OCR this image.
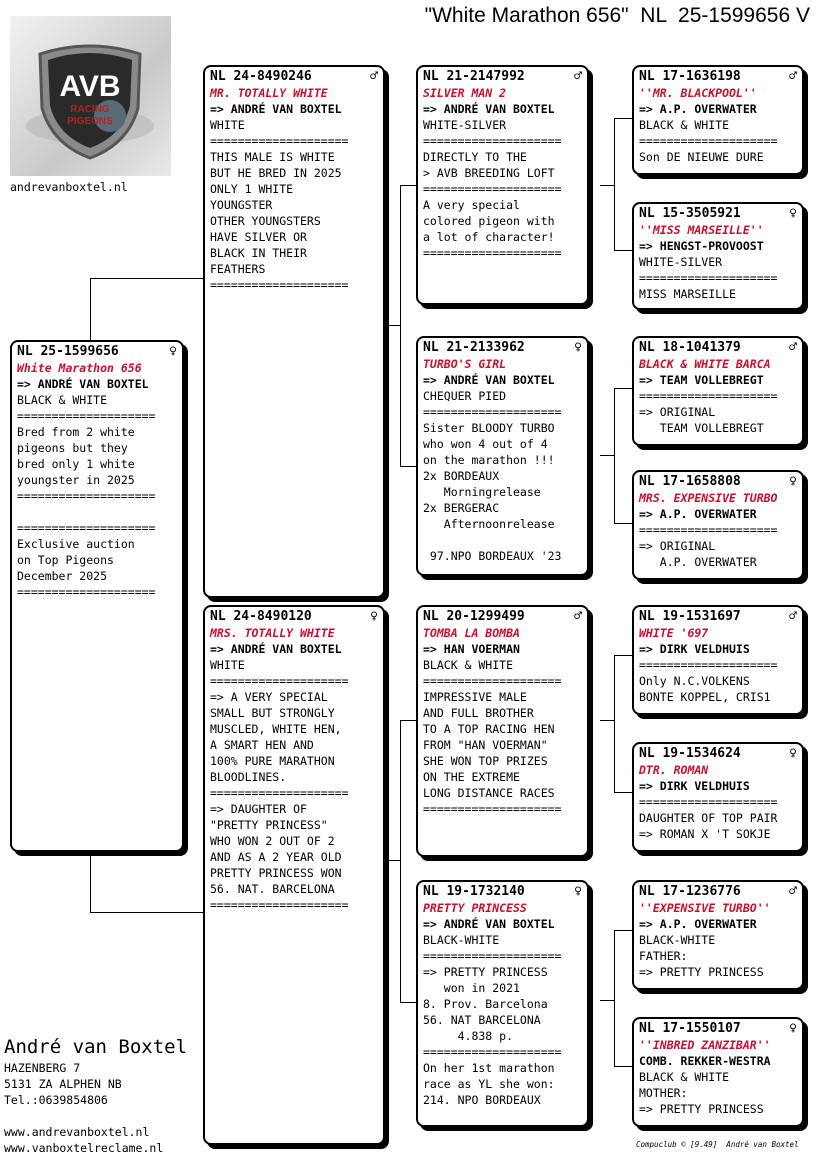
"White Marathon 656"  NL  25-1599656 V
AVB
RACING
PIGEONS
andrevanboxtel.nl
NL 25-1599656	♀
White Marathon 656
=> ANDRÉ VAN BOXTEL
BLACK & WHITE
====================
Bred from 2 white
pigeons but they
bred only 1 white
youngster in 2025
====================
====================
Exclusive auction
on Top Pigeons
December 2025
====================
NL 24-8490246	♂
MR. TOTALLY WHITE
=> ANDRÉ VAN BOXTEL
WHITE
====================
THIS MALE IS WHITE
BUT HE BRED IN 2025
ONLY 1 WHITE
YOUNGSTER
OTHER YOUNGSTERS
HAVE SILVER OR
BLACK IN THEIR
FEATHERS
====================
NL 24-8490120	♀
MRS. TOTALLY WHITE
=> ANDRÉ VAN BOXTEL
WHITE
====================
=> A VERY SPECIAL
SMALL BUT STRONGLY
MUSCLED, WHITE HEN,
A SMART HEN AND
100% PURE MARATHON
BLOODLINES.
====================
=> DAUGHTER OF
"PRETTY PRINCESS"
WHO WON 2 OUT OF 2
AND AS A 2 YEAR OLD
PRETTY PRINCESS WON
56. NAT. BARCELONA
====================
NL 21-2147992	♂
SILVER MAN 2
=> ANDRÉ VAN BOXTEL
WHITE-SILVER
====================
DIRECTLY TO THE
> AVB BREEDING LOFT
====================
A very special
colored pigeon with
a lot of character!
====================
NL 21-2133962	♀
TURBO'S GIRL
=> ANDRÉ VAN BOXTEL
CHEQUER PIED
====================
Sister BLOODY TURBO
who won 4 out of 4
on the marathon !!!
2x BORDEAUX
Morningrelease
2x BERGERAC
Afternoonrelease
97.NPO BORDEAUX '23
NL 20-1299499	♂
TOMBA LA BOMBA
=> HAN VOERMAN
BLACK & WHITE
====================
IMPRESSIVE MALE
AND FULL BROTHER
TO A TOP RACING HEN
FROM "HAN VOERMAN"
SHE WON TOP PRIZES
ON THE EXTREME
LONG DISTANCE RACES
====================
NL 19-1732140	♀
PRETTY PRINCESS
=> ANDRÉ VAN BOXTEL
BLACK-WHITE
====================
=> PRETTY PRINCESS
won in 2021
8. Prov. Barcelona
56. NAT BARCELONA
4.838 p.
====================
On her 1st marathon
race as YL she won:
214. NPO BORDEAUX
NL 17-1636198	♂
''MR. BLACKPOOL''
=> A.P. OVERWATER
BLACK & WHITE
====================
Son DE NIEUWE DURE
NL 15-3505921	♀
''MISS MARSEILLE''
=> HENGST-PROVOOST
WHITE-SILVER
====================
MISS MARSEILLE
NL 18-1041379	♂
BLACK & WHITE BARCA
=> TEAM VOLLEBREGT
====================
=> ORIGINAL
TEAM VOLLEBREGT
NL 17-1658808	♀
MRS. EXPENSIVE TURBO
=> A.P. OVERWATER
====================
=> ORIGINAL
A.P. OVERWATER
NL 19-1531697	♂
WHITE '697
=> DIRK VELDHUIS
====================
Only N.C.VOLKENS
BONTE KOPPEL, CRIS1
NL 19-1534624	♀
DTR. ROMAN
=> DIRK VELDHUIS
====================
DAUGHTER OF TOP PAIR
=> ROMAN X 'T SOKJE
NL 17-1236776	♂
''EXPENSIVE TURBO''
=> A.P. OVERWATER
BLACK-WHITE
FATHER:
=> PRETTY PRINCESS
NL 17-1550107	♀
''INBRED ZANZIBAR''
COMB. REKKER-WESTRA
BLACK & WHITE
MOTHER:
=> PRETTY PRINCESS
André van Boxtel
HAZENBERG 7
5131 ZA ALPHEN NB
Tel.:0639854806
www.andrevanboxtel.nl
www.vanboxtelreclame.nl	Compuclub © [9.49]  André van Boxtel
